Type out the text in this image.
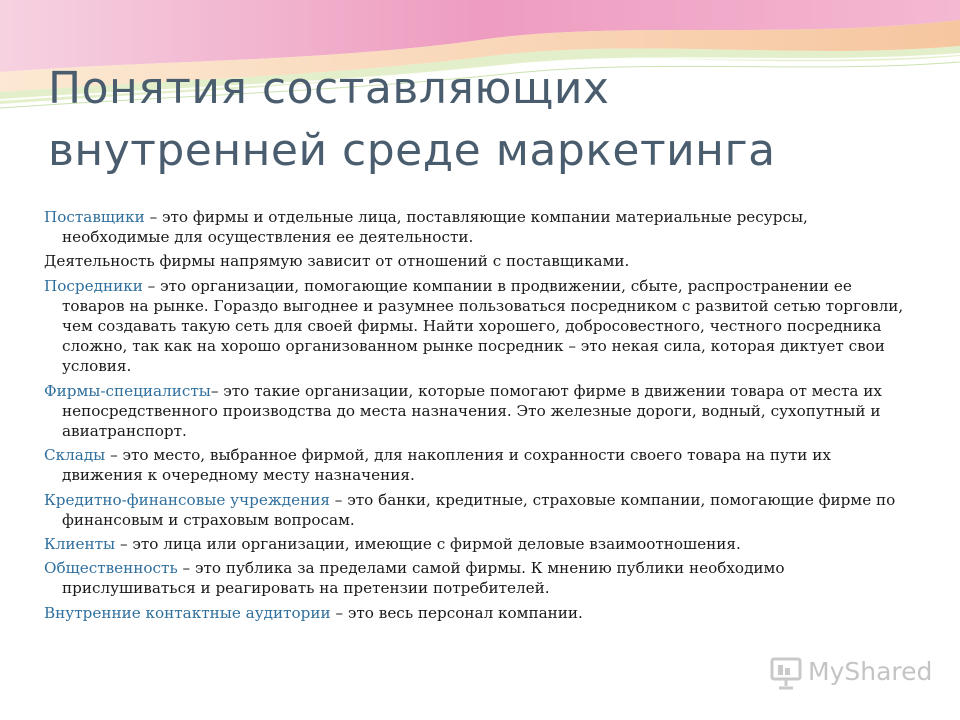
Понятия составляющих
внутренней среде маркетинга

Поставщики – это фирмы и отдельные лица, поставляющие компании материальные ресурсы, необходимые для осуществления ее деятельности.

Деятельность фирмы напрямую зависит от отношений с поставщиками.

Посредники – это организации, помогающие компании в продвижении, сбыте, распространении ее товаров на рынке. Гораздо выгоднее и разумнее пользоваться посредником с развитой сетью торговли, чем создавать такую сеть для своей фирмы. Найти хорошего, добросовестного, честного посредника сложно, так как на хорошо организованном рынке посредник – это некая сила, которая диктует свои условия.

Фирмы-специалисты– это такие организации, которые помогают фирме в движении товара от места их непосредственного производства до места назначения. Это железные дороги, водный, сухопутный и авиатранспорт.

Склады – это место, выбранное фирмой, для накопления и сохранности своего товара на пути их движения к очередному месту назначения.

Кредитно-финансовые учреждения – это банки, кредитные, страховые компании, помогающие фирме по финансовым и страховым вопросам.

Клиенты – это лица или организации, имеющие с фирмой деловые взаимоотношения.

Общественность – это публика за пределами самой фирмы. К мнению публики необходимо прислушиваться и реагировать на претензии потребителей.

Внутренние контактные аудитории – это весь персонал компании.

MyShared
